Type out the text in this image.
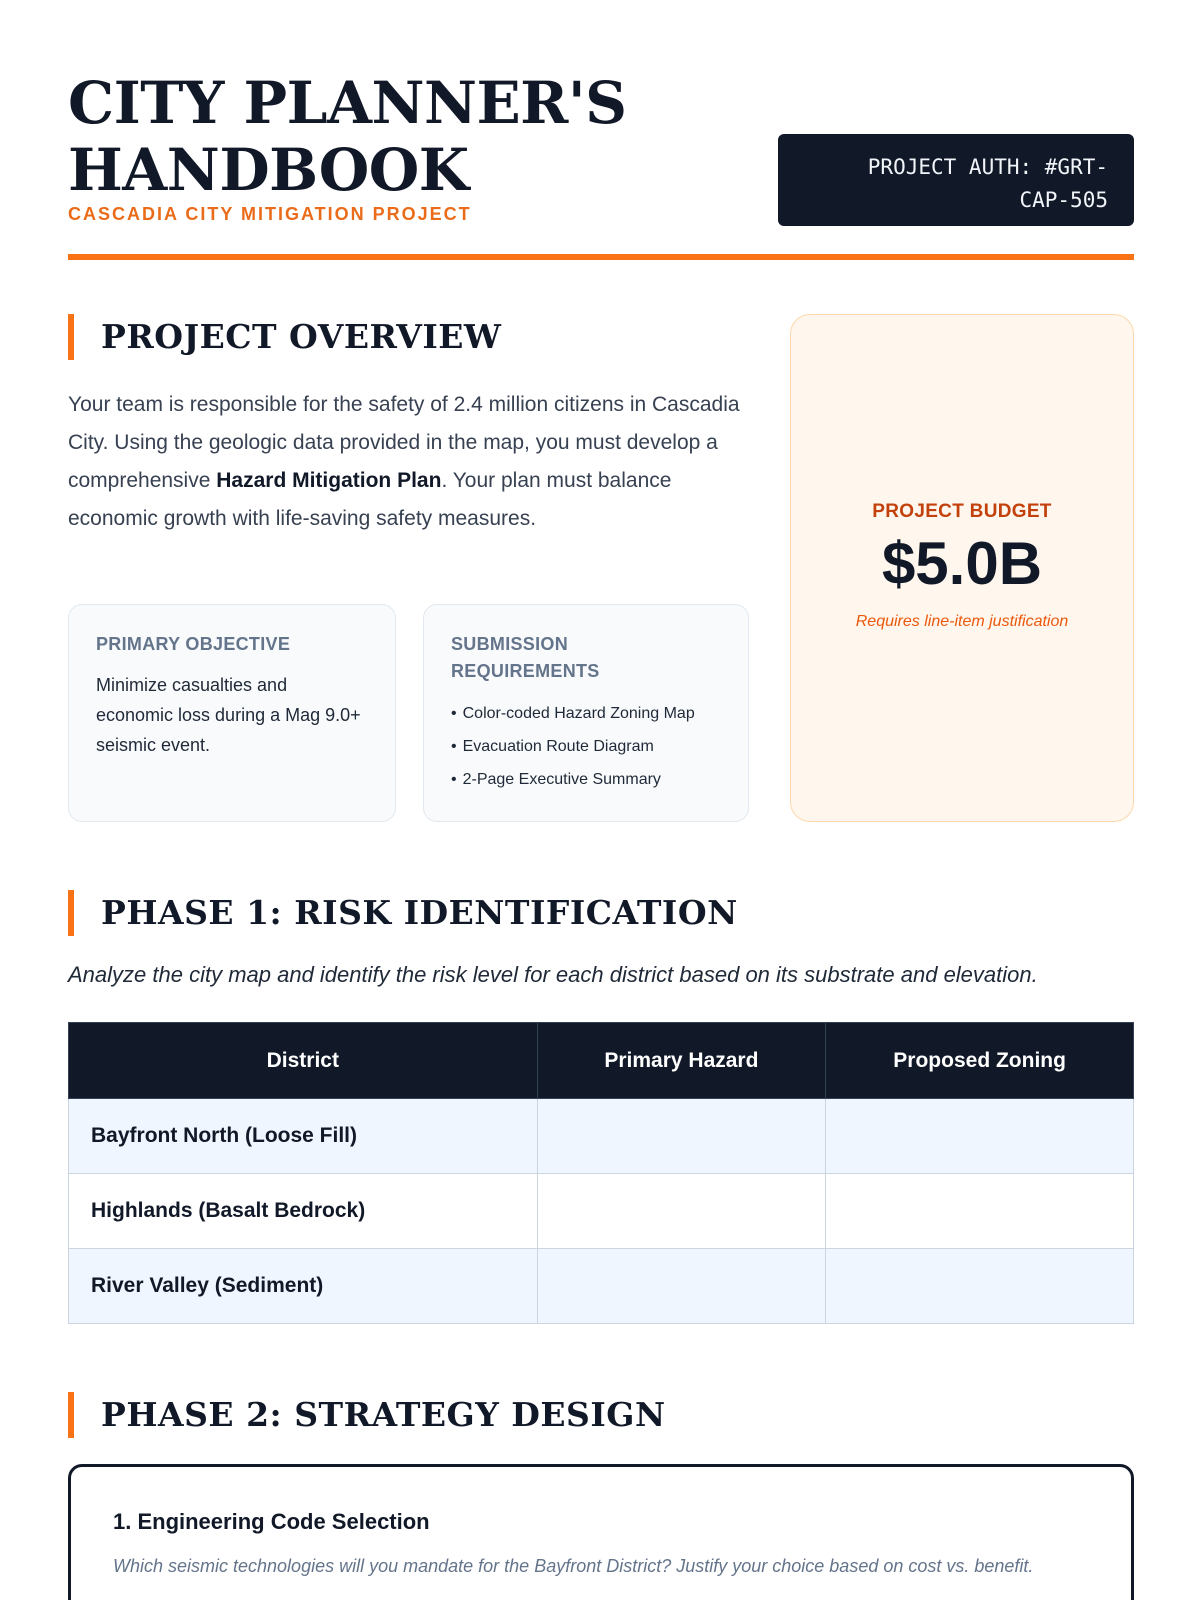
CITY PLANNER'S
HANDBOOK
CASCADIA CITY MITIGATION PROJECT
PROJECT AUTH: #GRT-
CAP-505
PROJECT OVERVIEW

Your team is responsible for the safety of 2.4 million citizens in Cascadia City. Using the geologic data provided in the map, you must develop a comprehensive Hazard Mitigation Plan. Your plan must balance economic growth with life-saving safety measures.

PRIMARY OBJECTIVE
Minimize casualties and economic loss during a Mag 9.0+ seismic event.
SUBMISSION REQUIREMENTS
• Color-coded Hazard Zoning Map
• Evacuation Route Diagram
• 2-Page Executive Summary
PROJECT BUDGET
$5.0B
Requires line-item justification
PHASE 1: RISK IDENTIFICATION

Analyze the city map and identify the risk level for each district based on its substrate and elevation.

District	Primary Hazard	Proposed Zoning
Bayfront North (Loose Fill)		
Highlands (Basalt Bedrock)		
River Valley (Sediment)		
PHASE 2: STRATEGY DESIGN
1. Engineering Code Selection
Which seismic technologies will you mandate for the Bayfront District? Justify your choice based on cost vs. benefit.
